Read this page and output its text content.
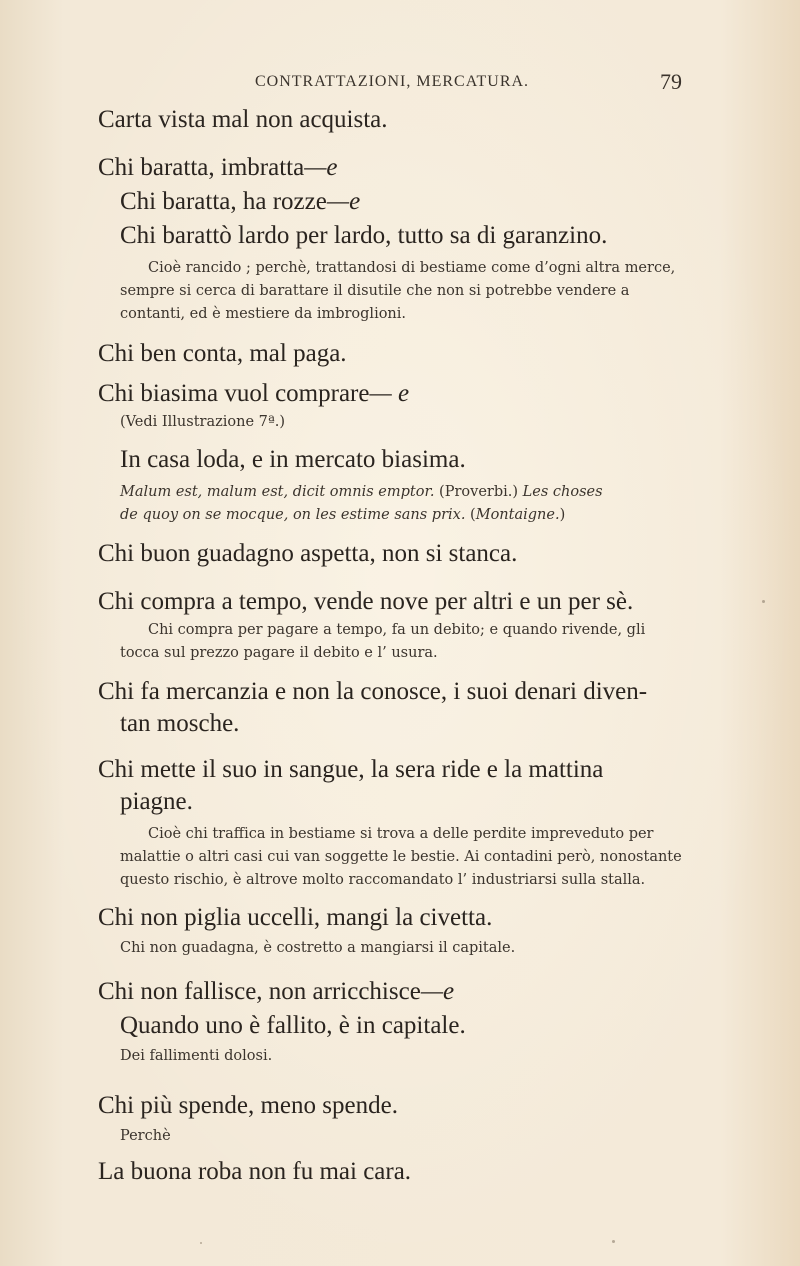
CONTRATTAZIONI, MERCATURA.	79
Carta vista mal non acquista.
Chi baratta, imbratta—e
Chi baratta, ha rozze—e
Chi barattò lardo per lardo, tutto sa di garanzino.
Cioè rancido ; perchè, trattandosi di bestiame come d’ogni altra merce,
sempre si cerca di barattare il disutile che non si potrebbe vendere a
contanti, ed è mestiere da imbroglioni.
Chi ben conta, mal paga.
Chi biasima vuol comprare— e
(Vedi Illustrazione 7ª.)
In casa loda, e in mercato biasima.
Malum est, malum est, dicit omnis emptor. (Proverbi.) Les choses
de quoy on se mocque, on les estime sans prix. (Montaigne.)
Chi buon guadagno aspetta, non si stanca.
Chi compra a tempo, vende nove per altri e un per sè.
Chi compra per pagare a tempo, fa un debito; e quando rivende, gli
tocca sul prezzo pagare il debito e l’ usura.
Chi fa mercanzia e non la conosce, i suoi denari diven-
tan mosche.
Chi mette il suo in sangue, la sera ride e la mattina
piagne.
Cioè chi traffica in bestiame si trova a delle perdite impreveduto per
malattie o altri casi cui van soggette le bestie. Ai contadini però, nonostante
questo rischio, è altrove molto raccomandato l’ industriarsi sulla stalla.
Chi non piglia uccelli, mangi la civetta.
Chi non guadagna, è costretto a mangiarsi il capitale.
Chi non fallisce, non arricchisce—e
Quando uno è fallito, è in capitale.
Dei fallimenti dolosi.
Chi più spende, meno spende.
Perchè
La buona roba non fu mai cara.
